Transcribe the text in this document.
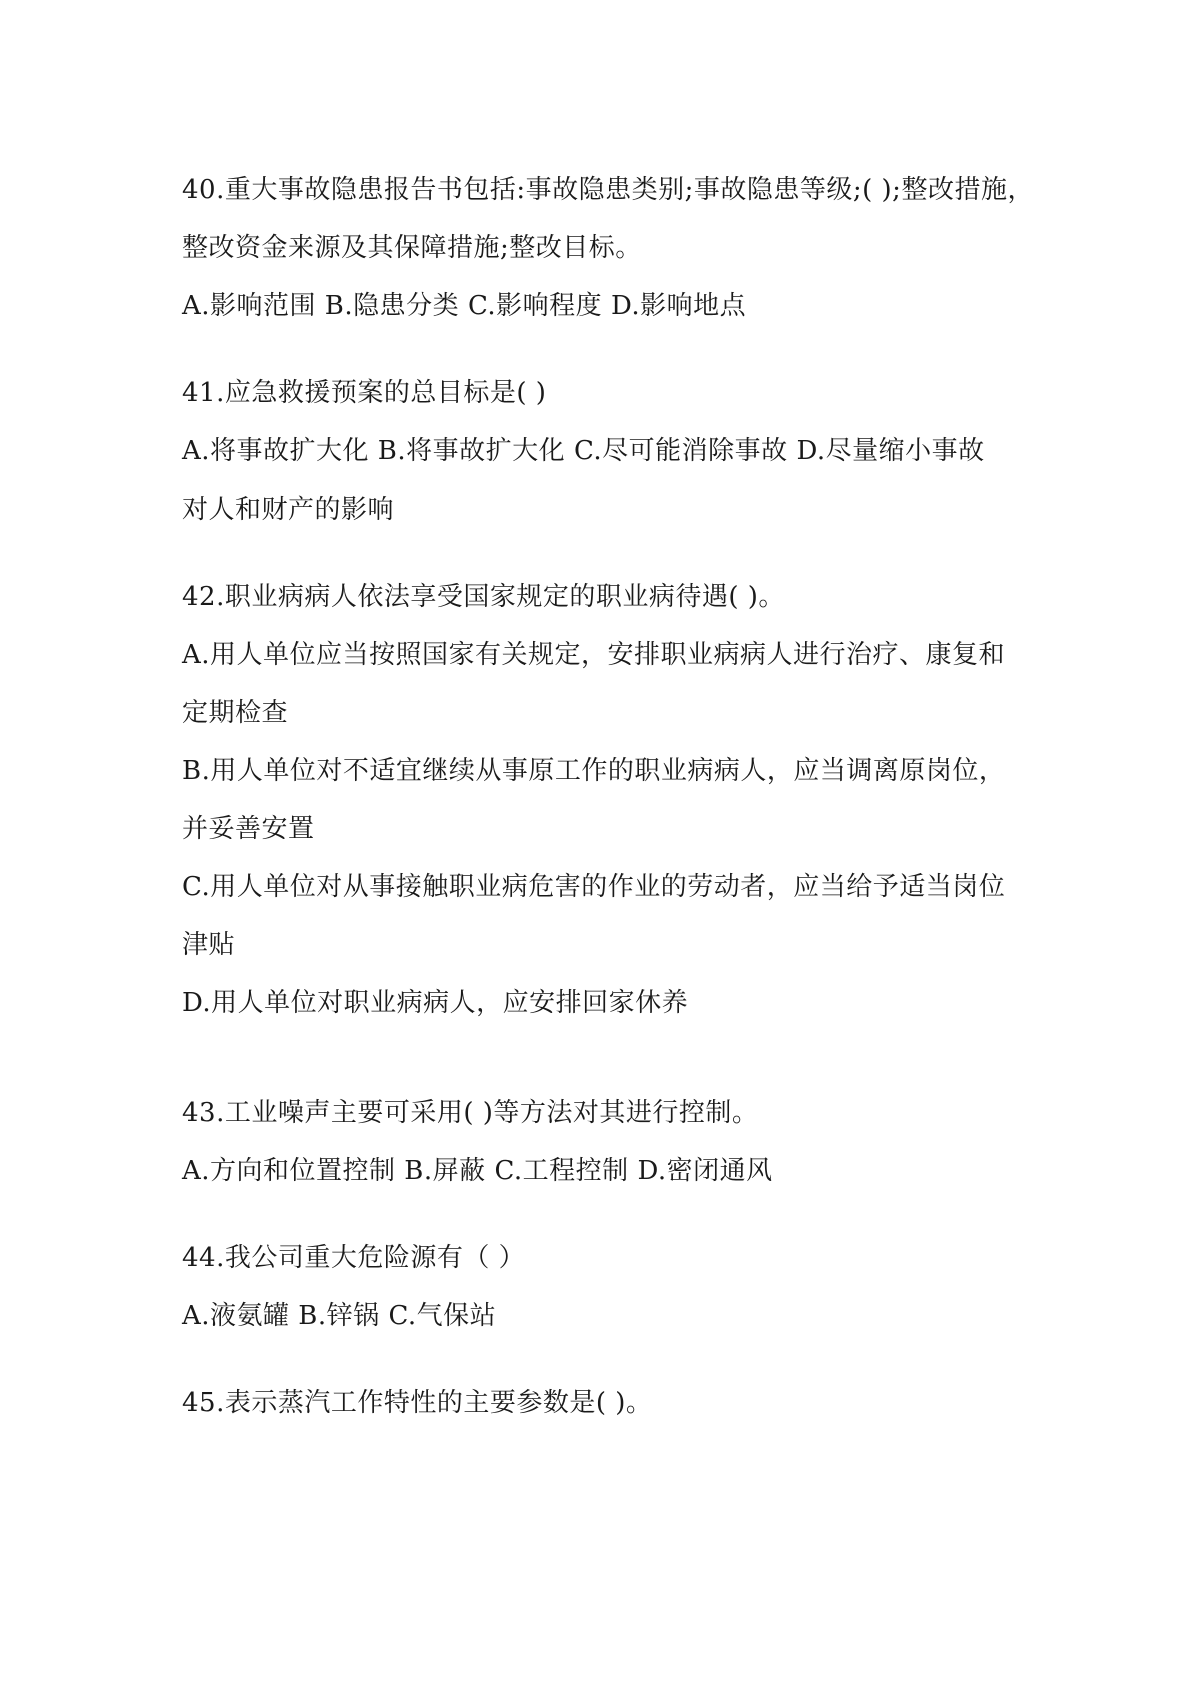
40.重大事故隐患报告书包括:事故隐患类别;事故隐患等级;( );整改措施，
整改资金来源及其保障措施;整改目标。
A.影响范围 B.隐患分类 C.影响程度 D.影响地点
41.应急救援预案的总目标是( )
A.将事故扩大化 B.将事故扩大化 C.尽可能消除事故 D.尽量缩小事故
对人和财产的影响
42.职业病病人依法享受国家规定的职业病待遇( )。
A.用人单位应当按照国家有关规定，安排职业病病人进行治疗、康复和
定期检查
B.用人单位对不适宜继续从事原工作的职业病病人，应当调离原岗位，
并妥善安置
C.用人单位对从事接触职业病危害的作业的劳动者，应当给予适当岗位
津贴
D.用人单位对职业病病人，应安排回家休养
43.工业噪声主要可采用( )等方法对其进行控制。
A.方向和位置控制 B.屏蔽 C.工程控制 D.密闭通风
44.我公司重大危险源有（ ）
A.液氨罐 B.锌锅 C.气保站
45.表示蒸汽工作特性的主要参数是( )。
